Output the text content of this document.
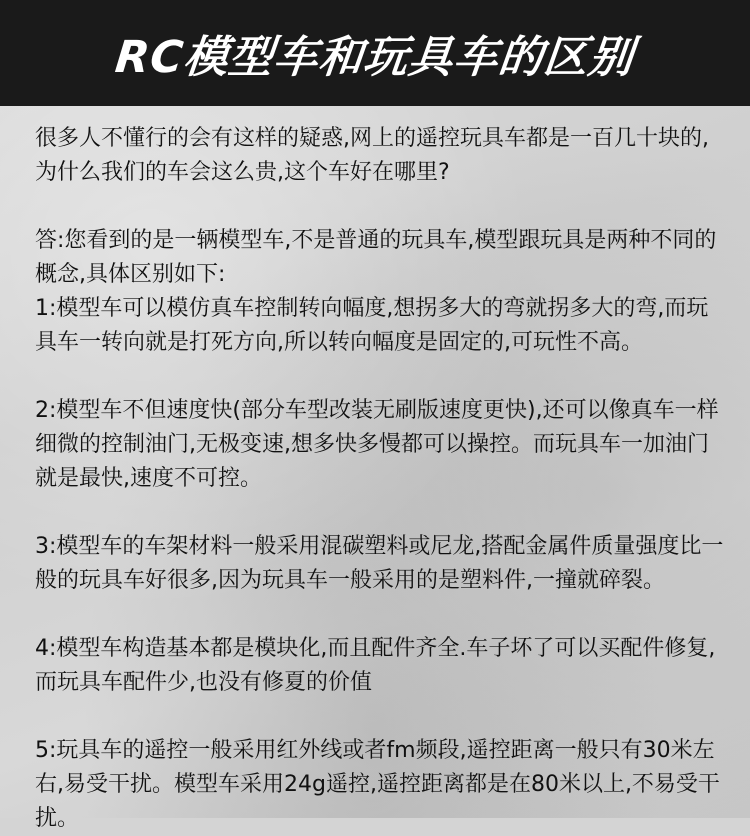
RC模型车和玩具车的区别

很多人不懂行的会有这样的疑惑,网上的遥控玩具车都是一百几十块的,为什么我们的车会这么贵,这个车好在哪里?

答:您看到的是一辆模型车,不是普通的玩具车,模型跟玩具是两种不同的概念,具体区别如下:

1:模型车可以模仿真车控制转向幅度,想拐多大的弯就拐多大的弯,而玩具车一转向就是打死方向,所以转向幅度是固定的,可玩性不高。

2:模型车不但速度快(部分车型改装无刷版速度更快),还可以像真车一样细微的控制油门,无极变速,想多快多慢都可以操控。而玩具车一加油门就是最快,速度不可控。

3:模型车的车架材料一般采用混碳塑料或尼龙,搭配金属件质量强度比一般的玩具车好很多,因为玩具车一般采用的是塑料件,一撞就碎裂。

4:模型车构造基本都是模块化,而且配件齐全.车子坏了可以买配件修复,而玩具车配件少,也没有修夏的价值

5:玩具车的遥控一般采用红外线或者fm频段,遥控距离一般只有30米左右,易受干扰。模型车采用24g遥控,遥控距离都是在80米以上,不易受干扰。
